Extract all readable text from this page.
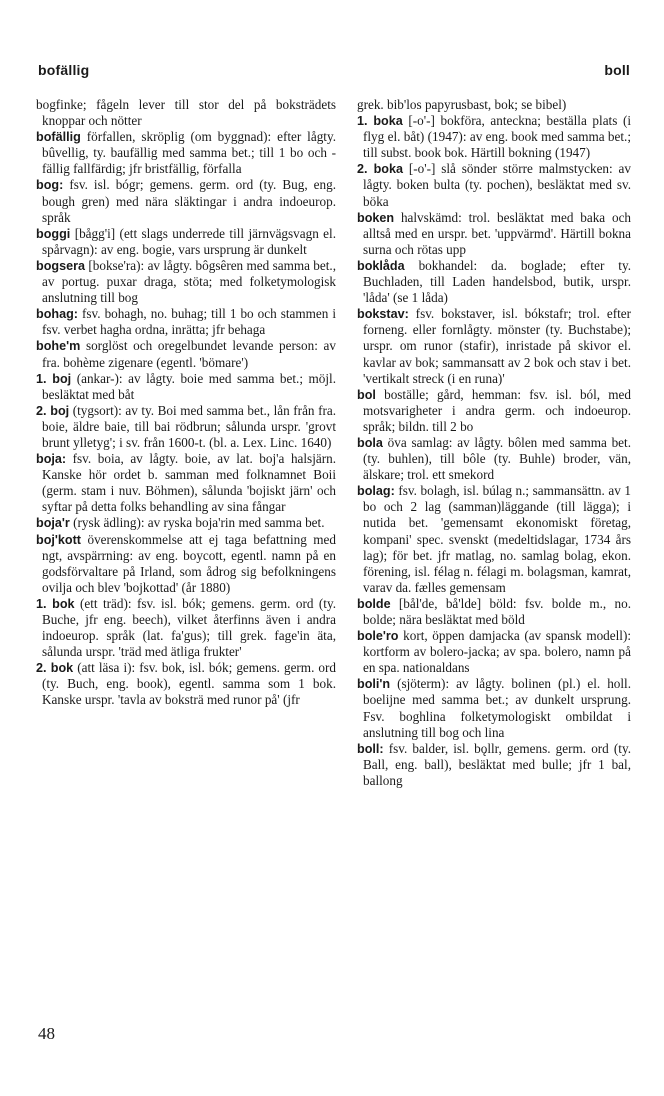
bofällig	boll

bogfinke; fågeln lever till stor del på boksträdets knoppar och nötter

bofällig förfallen, skröplig (om byggnad): efter lågty. bûvellig, ty. baufällig med samma bet.; till 1 bo och -fällig fallfärdig; jfr bristfällig, förfalla

bog: fsv. isl. bógr; gemens. germ. ord (ty. Bug, eng. bough gren) med nära släktingar i andra indoeurop. språk

boggi [bågg'i] (ett slags underrede till järnvägsvagn el. spårvagn): av eng. bogie, vars ursprung är dunkelt

bogsera [bokse'ra): av lågty. bôgsêren med samma bet., av portug. puxar draga, stöta; med folketymologisk anslutning till bog

bohag: fsv. bohagh, no. buhag; till 1 bo och stammen i fsv. verbet hagha ordna, inrätta; jfr behaga

bohe'm sorglöst och oregelbundet levande person: av fra. bohème zigenare (egentl. 'bömare')

1. boj (ankar-): av lågty. boie med samma bet.; möjl. besläktat med båt

2. boj (tygsort): av ty. Boi med samma bet., lån från fra. boie, äldre baie, till bai rödbrun; sålunda urspr. 'grovt brunt ylletyg'; i sv. från 1600-t. (bl. a. Lex. Linc. 1640)

boja: fsv. boia, av lågty. boie, av lat. boj'a halsjärn. Kanske hör ordet b. samman med folknamnet Boii (germ. stam i nuv. Böhmen), sålunda 'bojiskt järn' och syftar på detta folks behandling av sina fångar

boja'r (rysk ädling): av ryska boja'rin med samma bet.

boj'kott överenskommelse att ej taga befattning med ngt, avspärrning: av eng. boycott, egentl. namn på en godsförvaltare på Irland, som ådrog sig befolkningens ovilja och blev 'bojkottad' (år 1880)

1. bok (ett träd): fsv. isl. bók; gemens. germ. ord (ty. Buche, jfr eng. beech), vilket återfinns även i andra indoeurop. språk (lat. fa'gus); till grek. fage'in äta, sålunda urspr. 'träd med ätliga frukter'

2. bok (att läsa i): fsv. bok, isl. bók; gemens. germ. ord (ty. Buch, eng. book), egentl. samma som 1 bok. Kanske urspr. 'tavla av boksträ med runor på' (jfr

grek. bib'los papyrusbast, bok; se bibel)

1. boka [-o'-] bokföra, anteckna; beställa plats (i flyg el. båt) (1947): av eng. book med samma bet.; till subst. book bok. Härtill bokning (1947)

2. boka [-o'-] slå sönder större malmstycken: av lågty. boken bulta (ty. pochen), besläktat med sv. böka

boken halvskämd: trol. besläktat med baka och alltså med en urspr. bet. 'uppvärmd'. Härtill bokna surna och rötas upp

boklåda bokhandel: da. boglade; efter ty. Buchladen, till Laden handelsbod, butik, urspr. 'låda' (se 1 låda)

bokstav: fsv. bokstaver, isl. bókstafr; trol. efter forneng. eller fornlågty. mönster (ty. Buchstabe); urspr. om runor (stafir), inristade på skivor el. kavlar av bok; sammansatt av 2 bok och stav i bet. 'vertikalt streck (i en runa)'

bol boställe; gård, hemman: fsv. isl. ból, med motsvarigheter i andra germ. och indoeurop. språk; bildn. till 2 bo

bola öva samlag: av lågty. bôlen med samma bet. (ty. buhlen), till bôle (ty. Buhle) broder, vän, älskare; trol. ett smekord

bolag: fsv. bolagh, isl. búlag n.; sammansättn. av 1 bo och 2 lag (samman)läggande (till lägga); i nutida bet. 'gemensamt ekonomiskt företag, kompani' spec. svenskt (medeltidslagar, 1734 års lag); för bet. jfr matlag, no. samlag bolag, ekon. förening, isl. félag n. félagi m. bolagsman, kamrat, varav da. fælles gemensam

bolde [bål'de, bå'lde] böld: fsv. bolde m., no. bolde; nära besläktat med böld

bole'ro kort, öppen damjacka (av spansk modell): kortform av bolero-jacka; av spa. bolero, namn på en spa. nationaldans

boli'n (sjöterm): av lågty. bolinen (pl.) el. holl. boelijne med samma bet.; av dunkelt ursprung. Fsv. boghlina folketymologiskt ombildat i anslutning till bog och lina

boll: fsv. balder, isl. bǫllr, gemens. germ. ord (ty. Ball, eng. ball), besläktat med bulle; jfr 1 bal, ballong

48
